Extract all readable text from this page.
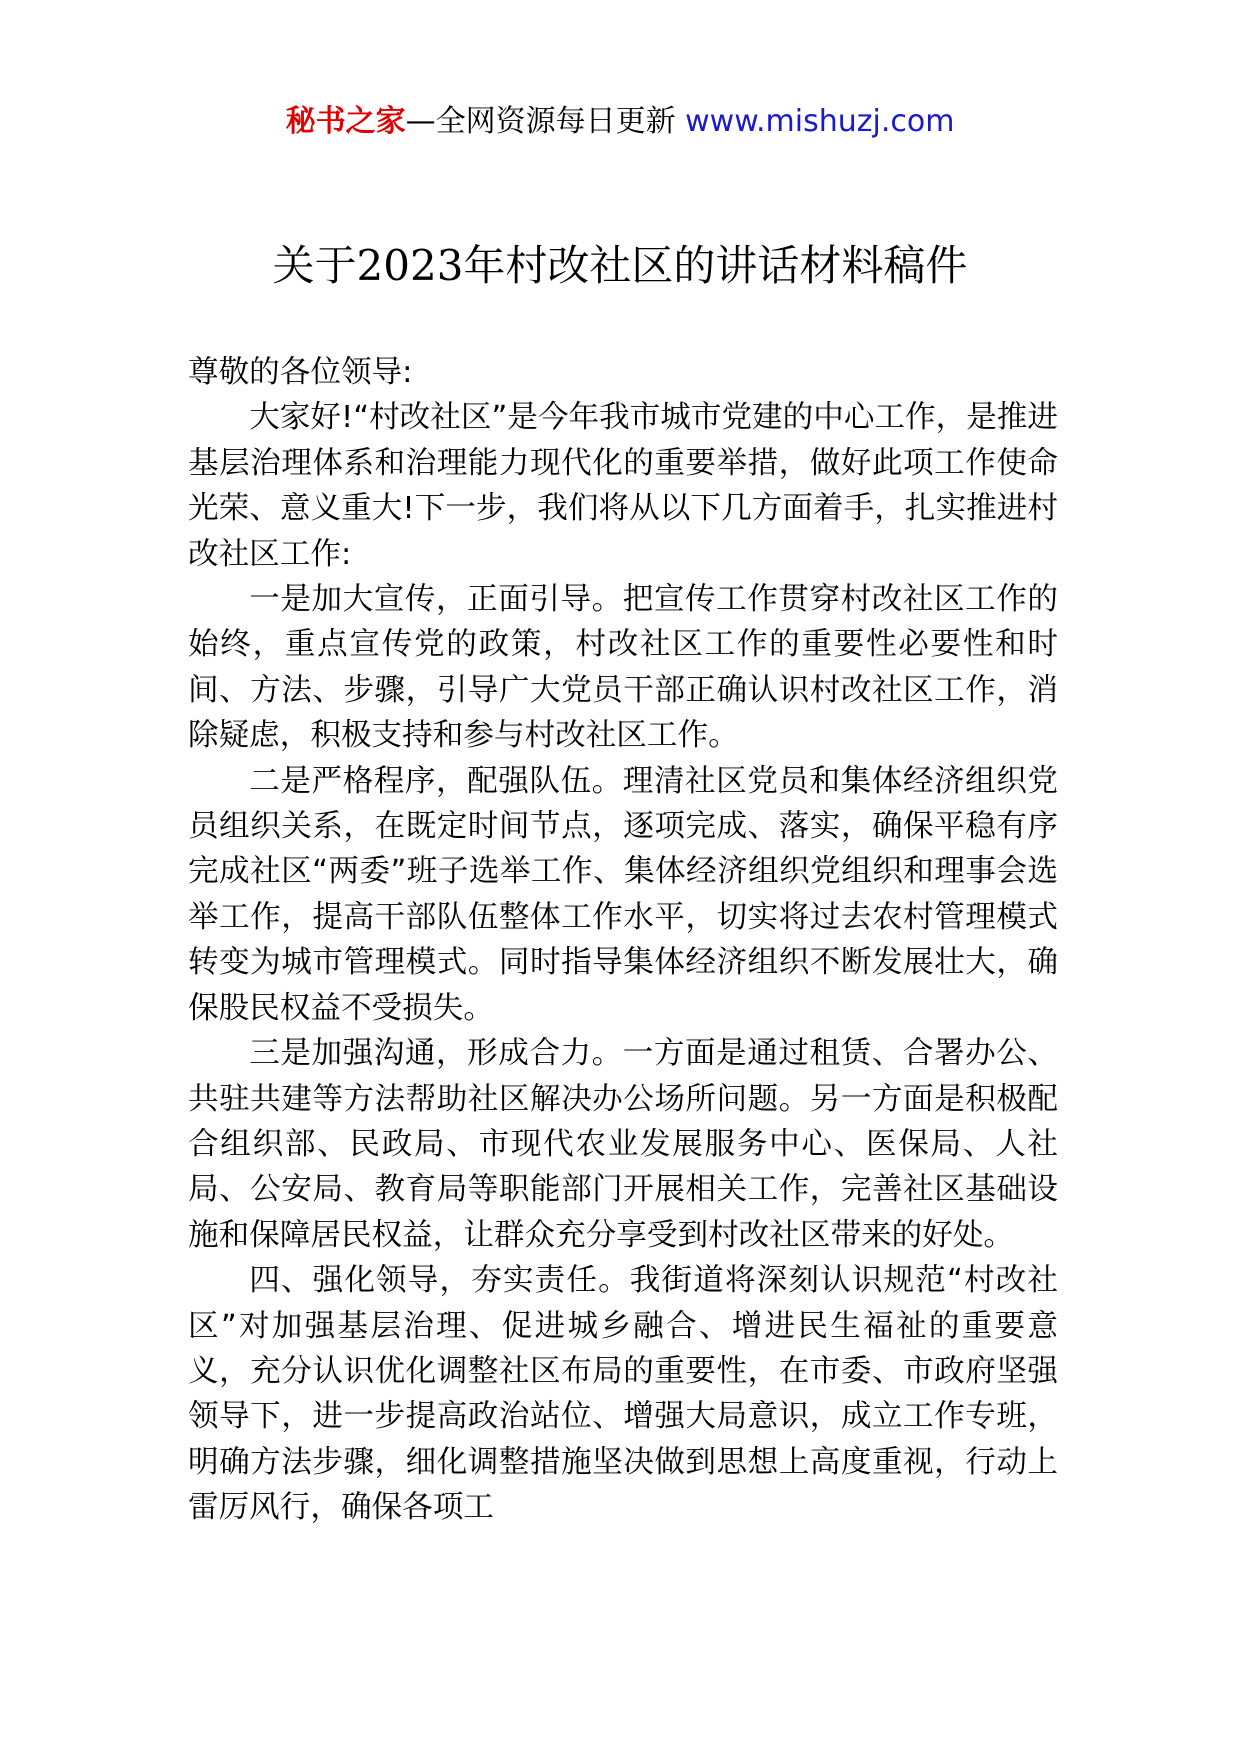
秘书之家—全网资源每日更新 www.mishuzj.com
关于2023年村改社区的讲话材料稿件

尊敬的各位领导:

大家好!“村改社区”是今年我市城市党建的中心工作，是推进基层治理体系和治理能力现代化的重要举措，做好此项工作使命光荣、意义重大!下一步，我们将从以下几方面着手，扎实推进村改社区工作:

一是加大宣传，正面引导。把宣传工作贯穿村改社区工作的始终，重点宣传党的政策，村改社区工作的重要性必要性和时间、方法、步骤，引导广大党员干部正确认识村改社区工作，消除疑虑，积极支持和参与村改社区工作。

二是严格程序，配强队伍。理清社区党员和集体经济组织党员组织关系，在既定时间节点，逐项完成、落实，确保平稳有序完成社区“两委”班子选举工作、集体经济组织党组织和理事会选举工作，提高干部队伍整体工作水平，切实将过去农村管理模式转变为城市管理模式。同时指导集体经济组织不断发展壮大，确保股民权益不受损失。

三是加强沟通，形成合力。一方面是通过租赁、合署办公、共驻共建等方法帮助社区解决办公场所问题。另一方面是积极配合组织部、民政局、市现代农业发展服务中心、医保局、人社局、公安局、教育局等职能部门开展相关工作，完善社区基础设施和保障居民权益，让群众充分享受到村改社区带来的好处。

四、强化领导，夯实责任。我街道将深刻认识规范“村改社区”对加强基层治理、促进城乡融合、增进民生福祉的重要意义，充分认识优化调整社区布局的重要性，在市委、市政府坚强领导下，进一步提高政治站位、增强大局意识，成立工作专班，明确方法步骤，细化调整措施坚决做到思想上高度重视，行动上雷厉风行，确保各项工
